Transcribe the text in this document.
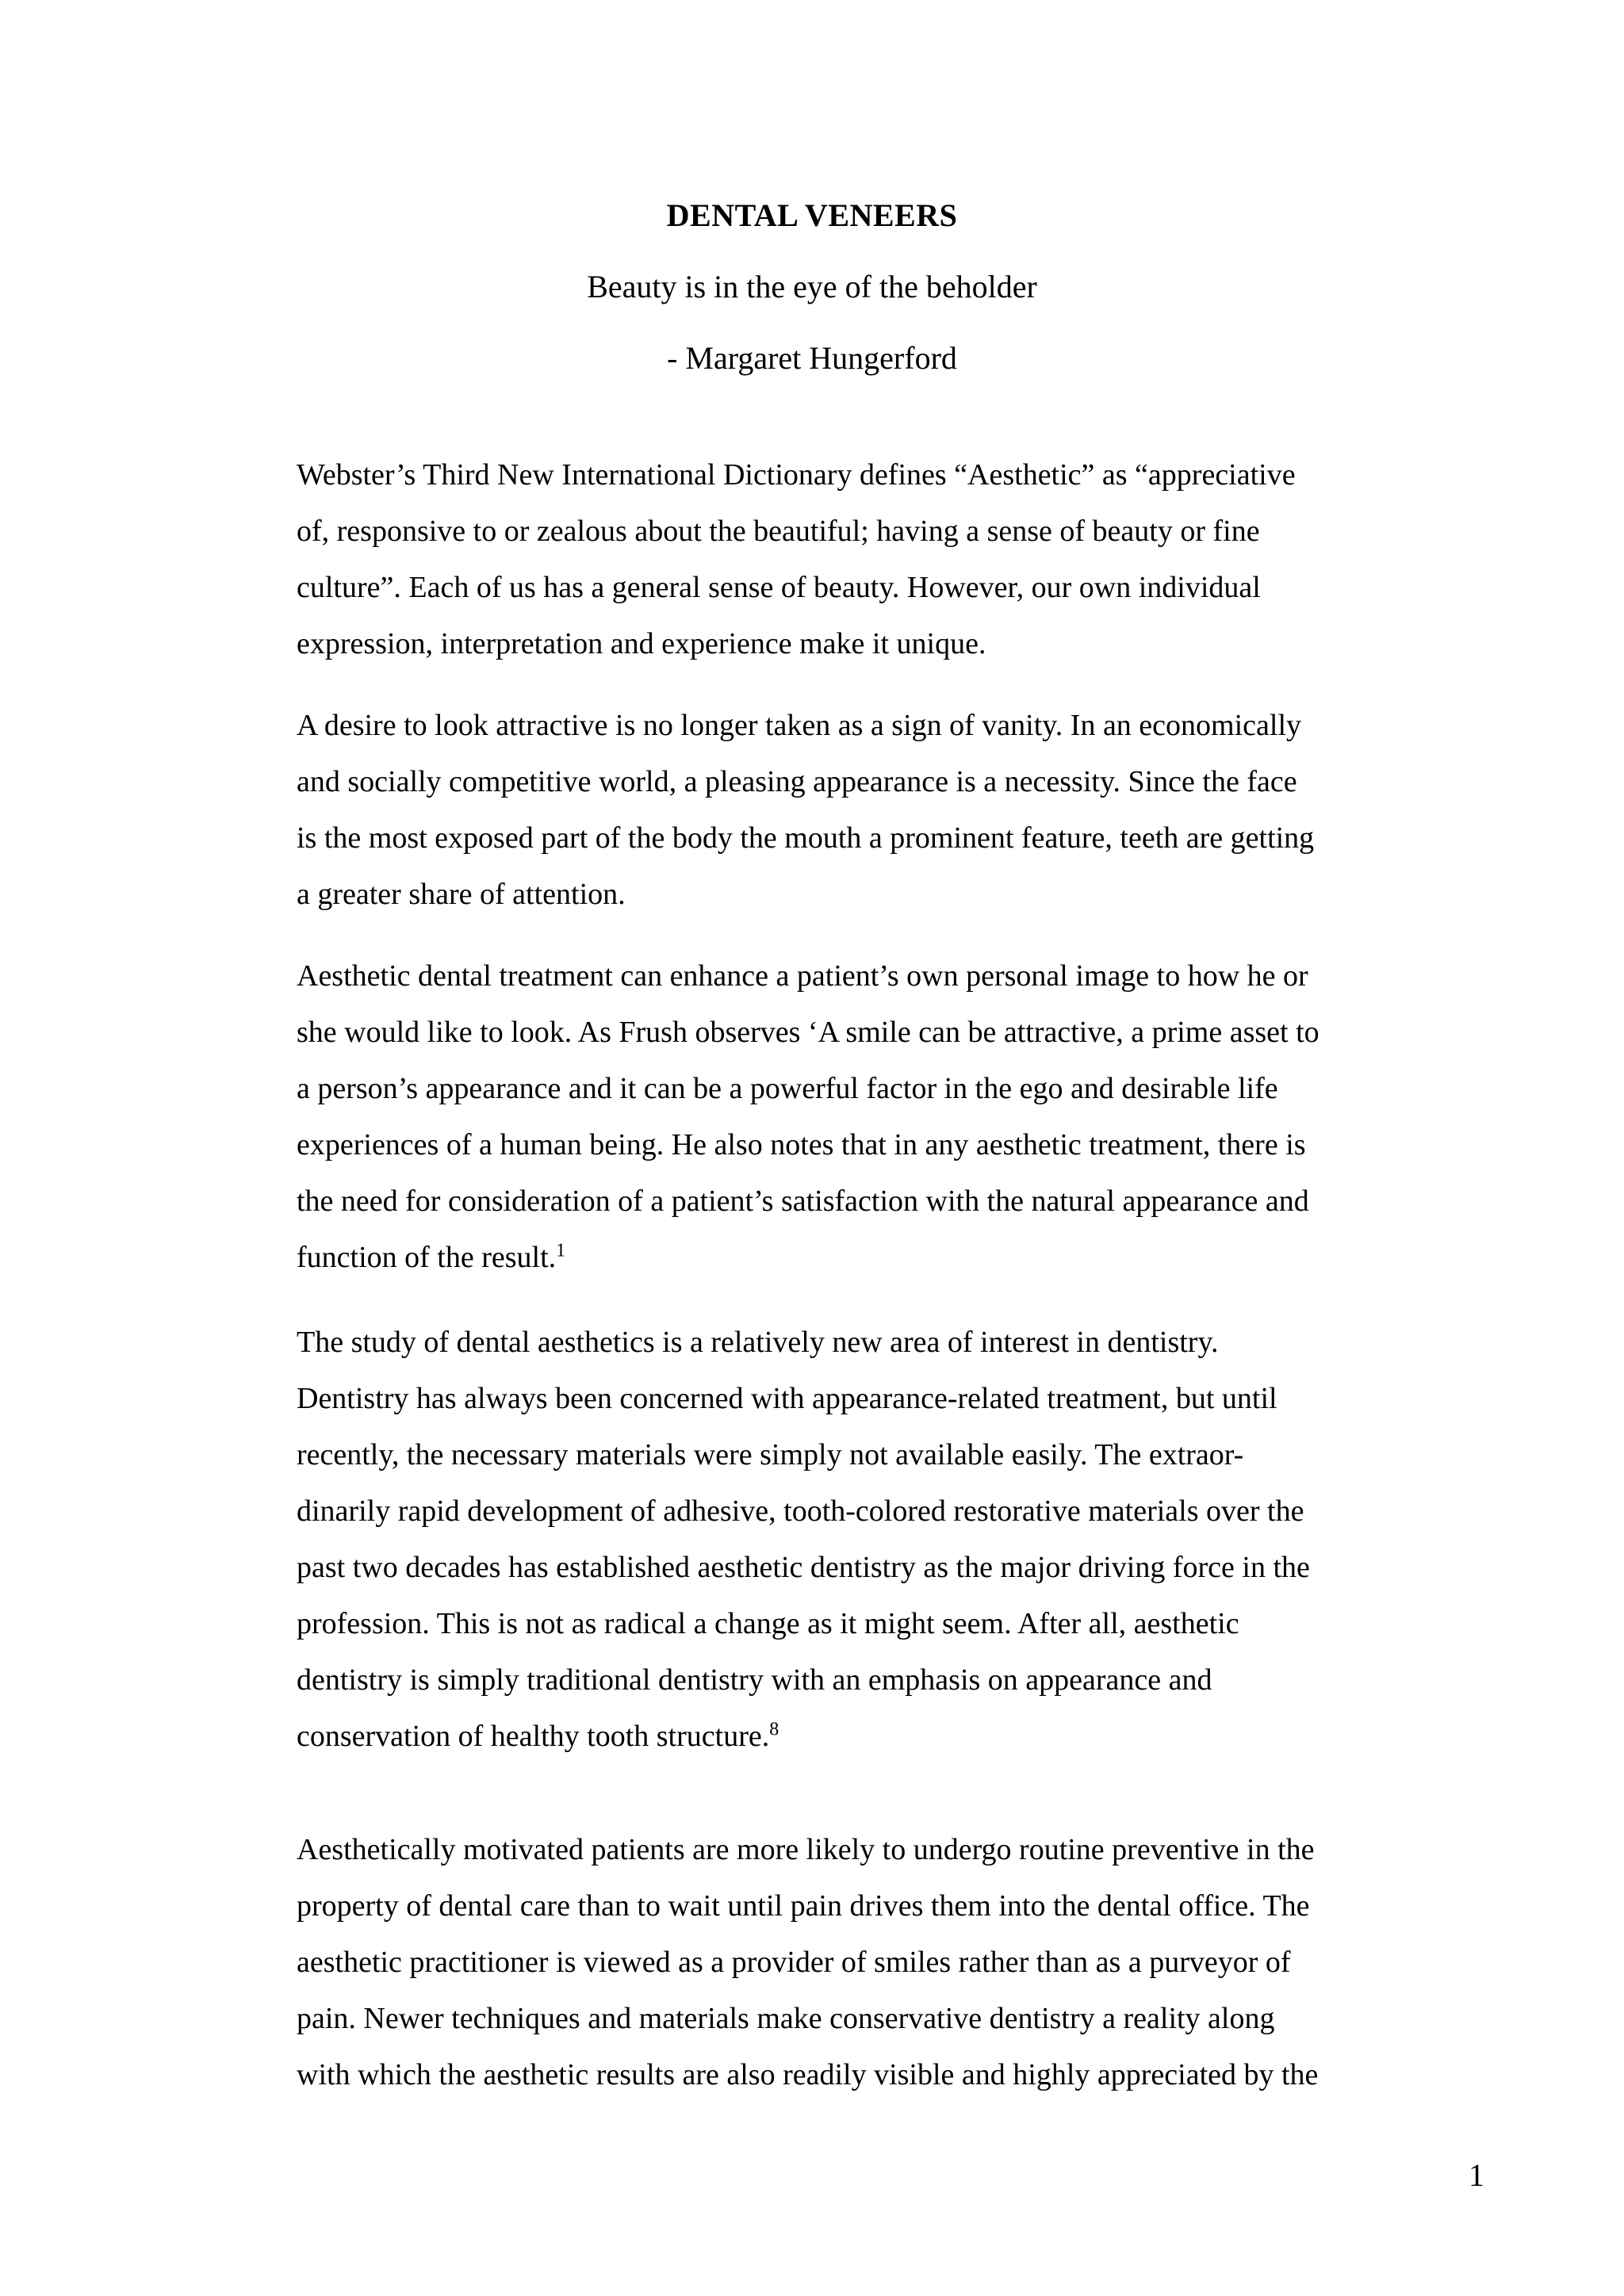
DENTAL VENEERS
Beauty is in the eye of the beholder
- Margaret Hungerford
Webster’s Third New International Dictionary defines “Aesthetic” as “appreciative
of, responsive to or zealous about the beautiful; having a sense of beauty or fine
culture”. Each of us has a general sense of beauty. However, our own individual
expression, interpretation and experience make it unique.
A desire to look attractive is no longer taken as a sign of vanity. In an economically
and socially competitive world, a pleasing appearance is a necessity. Since the face
is the most exposed part of the body the mouth a prominent feature, teeth are getting
a greater share of attention.
Aesthetic dental treatment can enhance a patient’s own personal image to how he or
she would like to look. As Frush observes ‘A smile can be attractive, a prime asset to
a person’s appearance and it can be a powerful factor in the ego and desirable life
experiences of a human being. He also notes that in any aesthetic treatment, there is
the need for consideration of a patient’s satisfaction with the natural appearance and
function of the result.$^1$
The study of dental aesthetics is a relatively new area of interest in dentistry.
Dentistry has always been concerned with appearance-related treatment, but until
recently, the necessary materials were simply not available easily. The extraor-
dinarily rapid development of adhesive, tooth-colored restorative materials over the
past two decades has established aesthetic dentistry as the major driving force in the
profession. This is not as radical a change as it might seem. After all, aesthetic
dentistry is simply traditional dentistry with an emphasis on appearance and
conservation of healthy tooth structure.$^8$
Aesthetically motivated patients are more likely to undergo routine preventive in the
property of dental care than to wait until pain drives them into the dental office. The
aesthetic practitioner is viewed as a provider of smiles rather than as a purveyor of
pain. Newer techniques and materials make conservative dentistry a reality along
with which the aesthetic results are also readily visible and highly appreciated by the
1
